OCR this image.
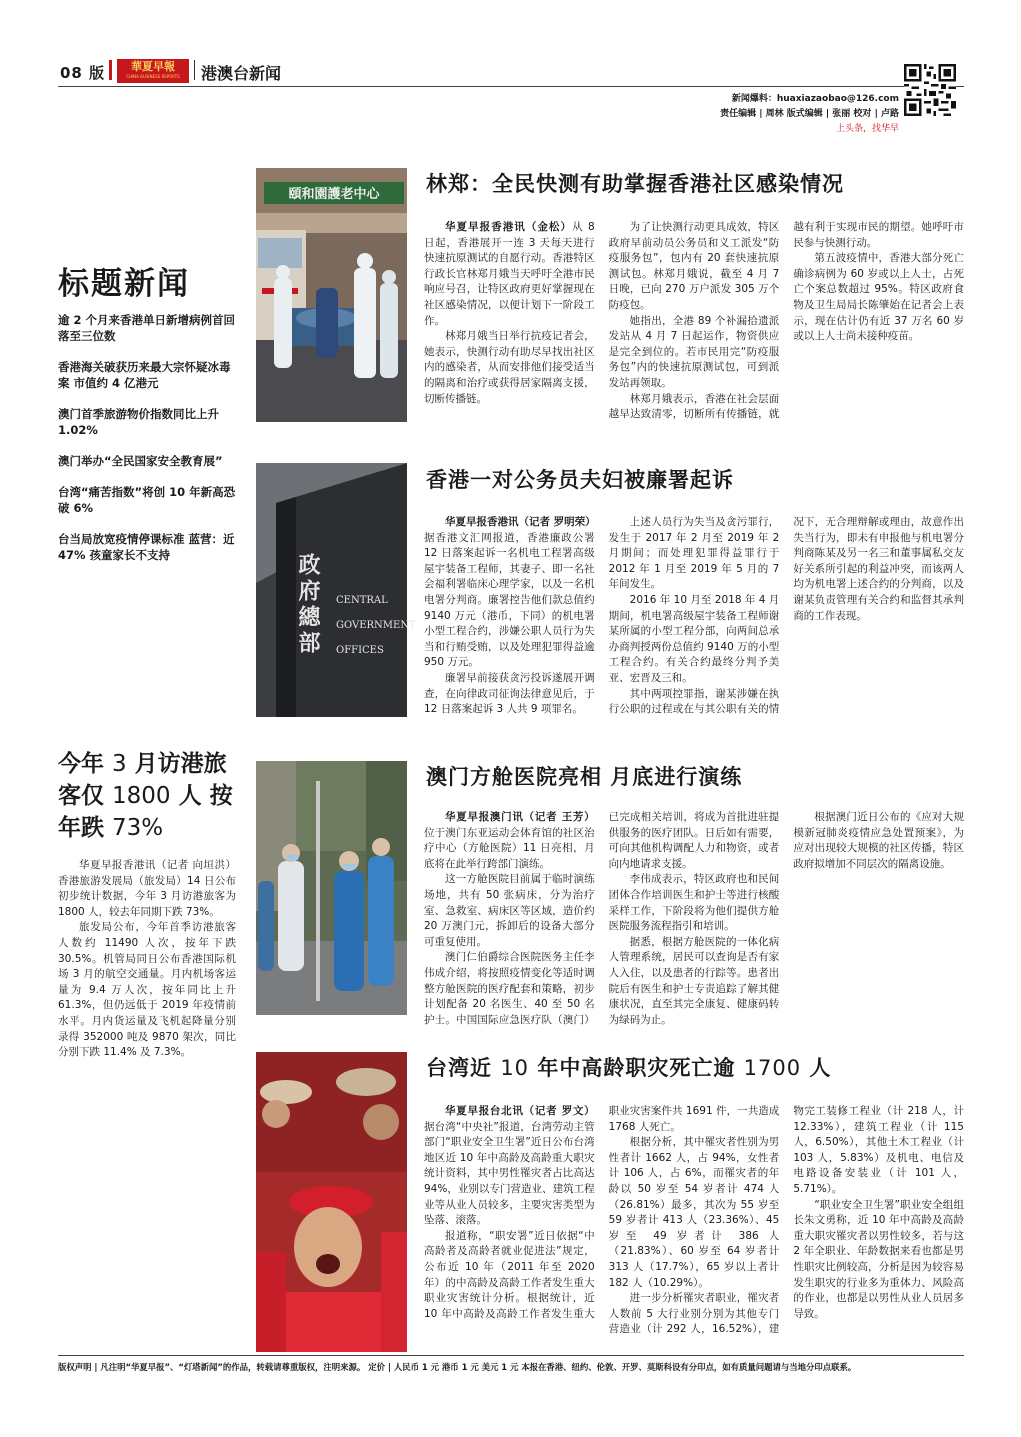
08 版	華夏早報
CHINA BUSINESS REPORTS	港澳台新闻
新闻爆料：huaxiazaobao@126.com
责任编辑 | 周林 版式编辑 | 张丽 校对 | 卢路
上头条，找华早
标题新闻
逾 2 个月来香港单日新增病例首回落至三位数
香港海关破获历来最大宗怀疑冰毒案 市值约 4 亿港元
澳门首季旅游物价指数同比上升 1.02%
澳门举办“全民国家安全教育展”
台湾“痛苦指数”将创 10 年新高恐破 6%
台当局放宽疫情停课标准 蓝营：近 47% 孩童家长不支持
今年 3 月访港旅客仅 1800 人 按年跌 73%

华夏早报香港讯（记者 向垣洪）香港旅游发展局（旅发局）14 日公布初步统计数据，今年 3 月访港旅客为 1800 人，较去年同期下跌 73%。

旅发局公布，今年首季访港旅客人数约 11490 人次，按年下跌 30.5%。机管局同日公布香港国际机场 3 月的航空交通量。月内机场客运量为 9.4 万人次，按年同比上升 61.3%，但仍远低于 2019 年疫情前水平。月内货运量及飞机起降量分别录得 352000 吨及 9870 架次，同比分别下跌 11.4% 及 7.3%。

頤和園護老中心
政府總部 CENTRAL
GOVERNMENT
OFFICES
林郑：全民快测有助掌握香港社区感染情况

华夏早报香港讯（金松）从 8 日起，香港展开一连 3 天每天进行快速抗原测试的自愿行动。香港特区行政长官林郑月娥当天呼吁全港市民响应号召，让特区政府更好掌握现在社区感染情况，以便计划下一阶段工作。

林郑月娥当日举行抗疫记者会，她表示，快测行动有助尽早找出社区内的感染者，从而安排他们接受适当的隔离和治疗或获得居家隔离支援，切断传播链。

为了让快测行动更具成效，特区政府早前动员公务员和义工派发“防疫服务包”，包内有 20 套快速抗原测试包。林郑月娥说，截至 4 月 7 日晚，已向 270 万户派发 305 万个防疫包。

她指出，全港 89 个补漏拾遗派发站从 4 月 7 日起运作，物资供应是完全到位的。若市民用完“防疫服务包”内的快速抗原测试包，可到派发站再领取。

林郑月娥表示，香港在社会层面越早达致清零，切断所有传播链，就越有利于实现市民的期望。她呼吁市民参与快测行动。

第五波疫情中，香港大部分死亡确诊病例为 60 岁或以上人士，占死亡个案总数超过 95%。特区政府食物及卫生局局长陈肇始在记者会上表示，现在估计仍有近 37 万名 60 岁或以上人士尚未接种疫苗。

香港一对公务员夫妇被廉署起诉

华夏早报香港讯（记者 罗明荣）据香港文汇网报道，香港廉政公署 12 日落案起诉一名机电工程署高级屋宇装备工程师，其妻子、即一名社会福利署临床心理学家，以及一名机电署分判商。廉署控告他们款总值约 9140 万元（港币，下同）的机电署小型工程合约，涉嫌公职人员行为失当和行贿受贿，以及处理犯罪得益逾 950 万元。

廉署早前接获贪污投诉遂展开调查，在向律政司征询法律意见后，于 12 日落案起诉 3 人共 9 项罪名。

上述人员行为失当及贪污罪行，发生于 2017 年 2 月至 2019 年 2 月期间；而处理犯罪得益罪行于 2012 年 1 月至 2019 年 5 月的 7 年间发生。

2016 年 10 月至 2018 年 4 月期间，机电署高级屋宇装备工程师谢某所属的小型工程分部，向两间总承办商判授两份总值约 9140 万的小型工程合约。有关合约最终分判予美亚、宏晋及三和。

其中两项控罪指，谢某涉嫌在执行公职的过程或在与其公职有关的情况下，无合理辩解或理由，故意作出失当行为，即未有申报他与机电署分判商陈某及另一名三和董事属私交友好关系所引起的利益冲突，而该两人均为机电署上述合约的分判商，以及谢某负责管理有关合约和监督其承判商的工作表现。

澳门方舱医院亮相 月底进行演练

华夏早报澳门讯（记者 王芳）位于澳门东亚运动会体育馆的社区治疗中心（方舱医院）11 日亮相，月底将在此举行跨部门演练。

这一方舱医院目前属于临时演练场地，共有 50 张病床，分为治疗室、急救室、病床区等区域，造价约 20 万澳门元，拆卸后的设备大部分可重复使用。

澳门仁伯爵综合医院医务主任李伟成介绍，将按照疫情变化等适时调整方舱医院的医疗配套和策略，初步计划配备 20 名医生、40 至 50 名护士。中国国际应急医疗队（澳门）已完成相关培训，将成为首批进驻提供服务的医疗团队。日后如有需要，可向其他机构调配人力和物资，或者向内地请求支援。

李伟成表示，特区政府也和民间团体合作培训医生和护士等进行核酸采样工作，下阶段将为他们提供方舱医院服务流程指引和培训。

据悉，根据方舱医院的一体化病人管理系统，居民可以查询是否有家人入住，以及患者的行踪等。患者出院后有医生和护士专责追踪了解其健康状况，直至其完全康复、健康码转为绿码为止。

根据澳门近日公布的《应对大规模新冠肺炎疫情应急处置预案》，为应对出现较大规模的社区传播，特区政府拟增加不同层次的隔离设施。

台湾近 10 年中高龄职灾死亡逾 1700 人

华夏早报台北讯（记者 罗文）据台湾“中央社”报道，台湾劳动主管部门“职业安全卫生署”近日公布台湾地区近 10 年中高龄及高龄重大职灾统计资料，其中男性罹灾者占比高达 94%，业别以专门营造业、建筑工程业等从业人员较多，主要灾害类型为坠落、滚落。

报道称，“职安署”近日依据“中高龄者及高龄者就业促进法”规定，公布近 10 年（2011 年至 2020 年）的中高龄及高龄工作者发生重大职业灾害统计分析。根据统计，近 10 年中高龄及高龄工作者发生重大职业灾害案件共 1691 件，一共造成 1768 人死亡。

根据分析，其中罹灾者性别为男性者计 1662 人，占 94%，女性者计 106 人，占 6%，而罹灾者的年龄以 50 岁至 54 岁者计 474 人（26.81%）最多，其次为 55 岁至 59 岁者计 413 人（23.36%）、45 岁至 49 岁者计 386 人（21.83%）、60 岁至 64 岁者计 313 人（17.7%），65 岁以上者计 182 人（10.29%）。

进一步分析罹灾者职业，罹灾者人数前 5 大行业别分别为其他专门营造业（计 292 人，16.52%），建物完工装修工程业（计 218 人，计 12.33%），建筑工程业（计 115 人，6.50%），其他土木工程业（计 103 人，5.83%）及机电、电信及电路设备安装业（计 101 人，5.71%）。

“职业安全卫生署”职业安全组组长朱文勇称，近 10 年中高龄及高龄重大职灾罹灾者以男性较多，若与这 2 年全职业、年龄数据来看也都是男性职灾比例较高，分析是因为较容易发生职灾的行业多为重体力、风险高的作业，也都是以男性从业人员居多导致。

版权声明 | 凡注明“华夏早报”、“灯塔新闻”的作品，转载请尊重版权，注明来源。 定价 | 人民币 1 元 港币 1 元 美元 1 元 本报在香港、纽约、伦敦、开罗、莫斯科设有分印点，如有质量问题请与当地分印点联系。
